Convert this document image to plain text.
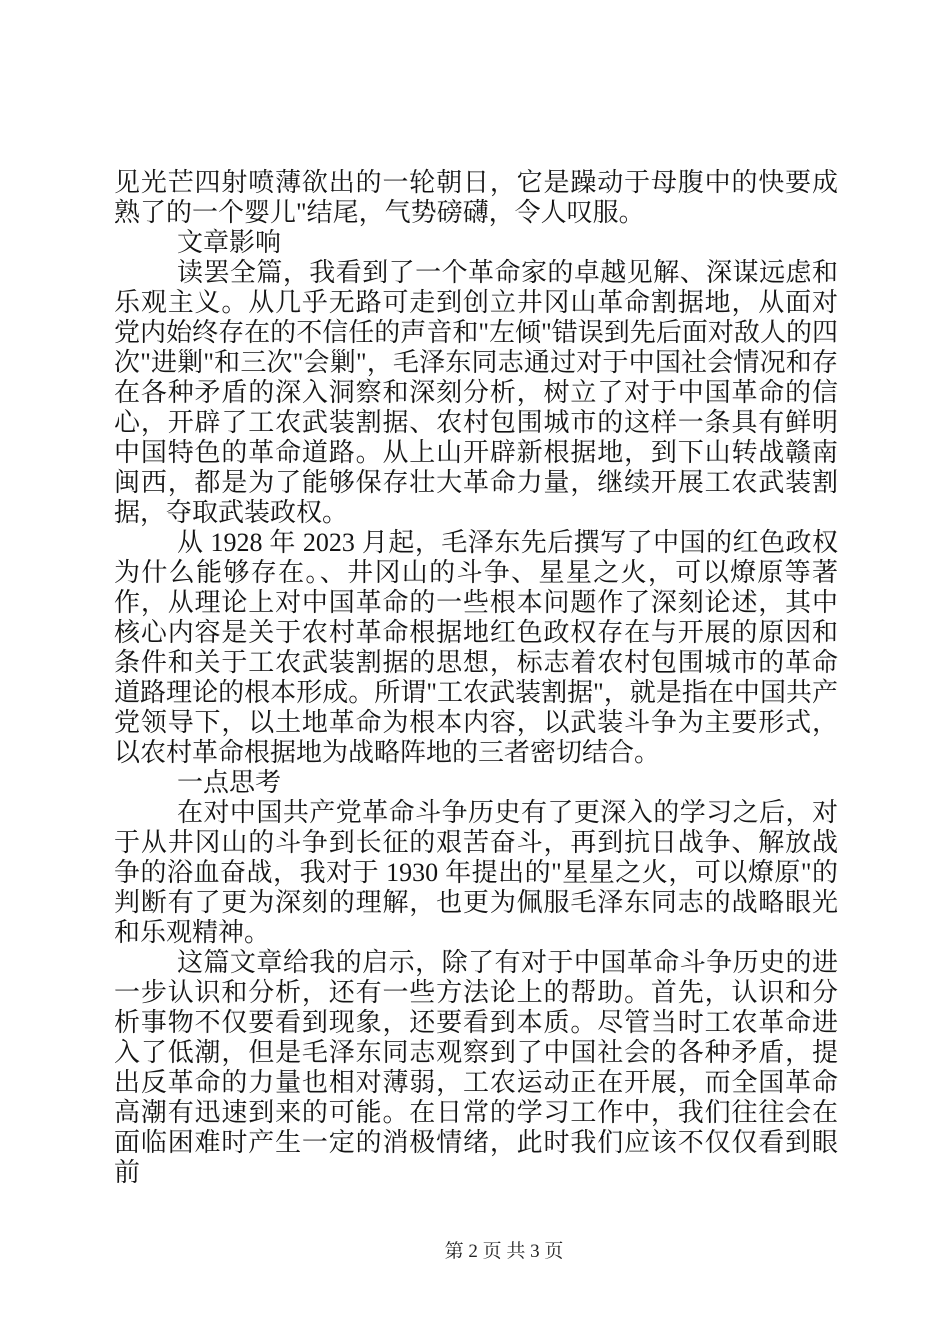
见光芒四射喷薄欲出的一轮朝日，它是躁动于母腹中的快要成熟了的一个婴儿"结尾，气势磅礴，令人叹服。

文章影响

读罢全篇，我看到了一个革命家的卓越见解、深谋远虑和乐观主义。从几乎无路可走到创立井冈山革命割据地，从面对党内始终存在的不信任的声音和"左倾"错误到先后面对敌人的四次"进剿"和三次"会剿"，毛泽东同志通过对于中国社会情况和存在各种矛盾的深入洞察和深刻分析，树立了对于中国革命的信心，开辟了工农武装割据、农村包围城市的这样一条具有鲜明中国特色的革命道路。从上山开辟新根据地，到下山转战赣南闽西，都是为了能够保存壮大革命力量，继续开展工农武装割据，夺取武装政权。

从 1928 年 2023 月起，毛泽东先后撰写了中国的红色政权为什么能够存在。、井冈山的斗争、星星之火，可以燎原等著作，从理论上对中国革命的一些根本问题作了深刻论述，其中核心内容是关于农村革命根据地红色政权存在与开展的原因和条件和关于工农武装割据的思想，标志着农村包围城市的革命道路理论的根本形成。所谓"工农武装割据"，就是指在中国共产党领导下，以土地革命为根本内容，以武装斗争为主要形式，以农村革命根据地为战略阵地的三者密切结合。

一点思考

在对中国共产党革命斗争历史有了更深入的学习之后，对于从井冈山的斗争到长征的艰苦奋斗，再到抗日战争、解放战争的浴血奋战，我对于 1930 年提出的"星星之火，可以燎原"的判断有了更为深刻的理解，也更为佩服毛泽东同志的战略眼光和乐观精神。

这篇文章给我的启示，除了有对于中国革命斗争历史的进一步认识和分析，还有一些方法论上的帮助。首先，认识和分析事物不仅要看到现象，还要看到本质。尽管当时工农革命进入了低潮，但是毛泽东同志观察到了中国社会的各种矛盾，提出反革命的力量也相对薄弱，工农运动正在开展，而全国革命高潮有迅速到来的可能。在日常的学习工作中，我们往往会在面临困难时产生一定的消极情绪，此时我们应该不仅仅看到眼前

第 2 页 共 3 页
